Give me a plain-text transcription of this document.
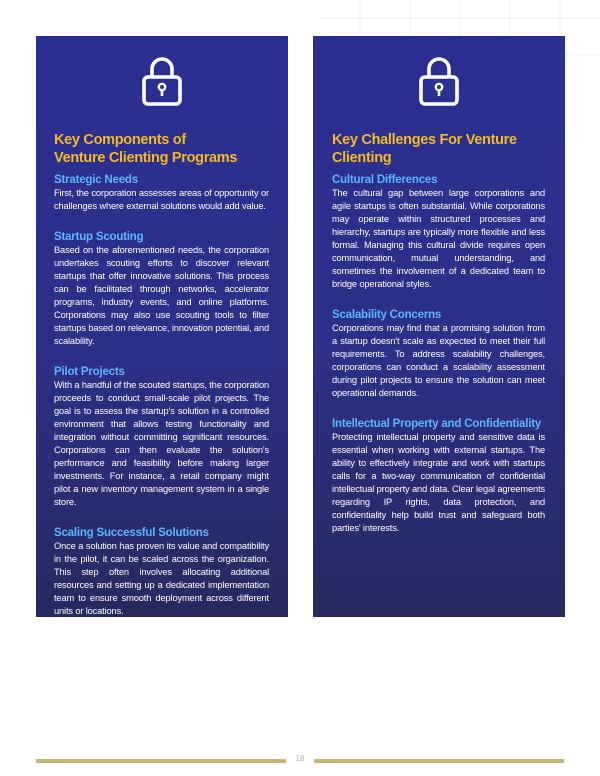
Key Components of
Venture Clienting Programs
Strategic Needs

First, the corporation assesses areas of opportunity or challenges where external solutions would add value.

Startup Scouting

Based on the aforementioned needs, the corporation undertakes scouting efforts to discover relevant startups that offer innovative solutions. This process can be facilitated through networks, accelerator programs, industry events, and online platforms. Corporations may also use scouting tools to filter startups based on relevance, innovation potential, and scalability.

Pilot Projects

With a handful of the scouted startups, the corporation proceeds to conduct small-scale pilot projects. The goal is to assess the startup's solution in a controlled environment that allows testing functionality and integration without committing significant resources. Corporations can then evaluate the solution's performance and feasibility before making larger investments. For instance, a retail company might pilot a new inventory management system in a single store.

Scaling Successful Solutions

Once a solution has proven its value and compatibility in the pilot, it can be scaled across the organization. This step often involves allocating additional resources and setting up a dedicated implementation team to ensure smooth deployment across different units or locations.

Key Challenges For Venture Clienting
Cultural Differences

The cultural gap between large corporations and agile startups is often substantial. While corporations may operate within structured processes and hierarchy, startups are typically more flexible and less formal. Managing this cultural divide requires open communication, mutual understanding, and sometimes the involvement of a dedicated team to bridge operational styles.

Scalability Concerns

Corporations may find that a promising solution from a startup doesn't scale as expected to meet their full requirements. To address scalability challenges, corporations can conduct a scalability assessment during pilot projects to ensure the solution can meet operational demands.

Intellectual Property and Confidentiality

Protecting intellectual property and sensitive data is essential when working with external startups. The ability to effectively integrate and work with startups calls for a two-way communication of confidential intellectual property and data. Clear legal agreements regarding IP rights, data protection, and confidentiality help build trust and safeguard both parties' interests.

18
